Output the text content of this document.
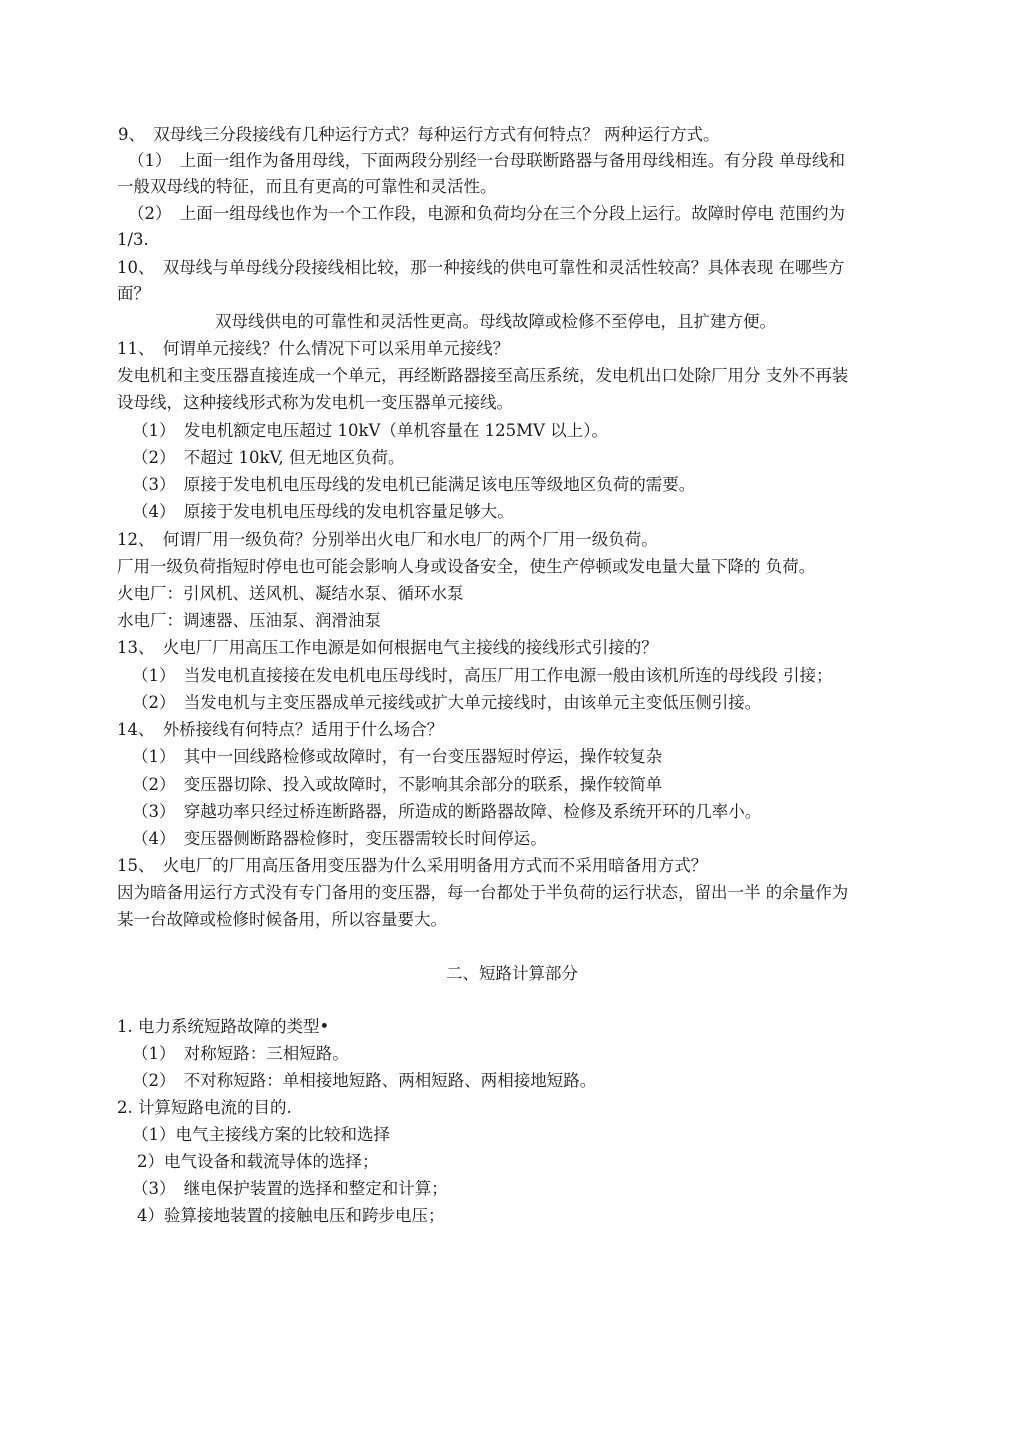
9、　双母线三分段接线有几种运行方式？每种运行方式有何特点？ 两种运行方式。
（1）　上面一组作为备用母线，下面两段分别经一台母联断路器与备用母线相连。有分段 单母线和
一般双母线的特征，而且有更高的可靠性和灵活性。
（2）　上面一组母线也作为一个工作段，电源和负荷均分在三个分段上运行。故障时停电 范围约为
1/3.
10、　双母线与单母线分段接线相比较，那一种接线的供电可靠性和灵活性较高？具体表现 在哪些方
面？
双母线供电的可靠性和灵活性更高。母线故障或检修不至停电，且扩建方便。
11、　何谓单元接线？什么情况下可以采用单元接线？
发电机和主变压器直接连成一个单元，再经断路器接至高压系统，发电机出口处除厂用分 支外不再装
设母线，这种接线形式称为发电机一变压器单元接线。
（1）　发电机额定电压超过 10kV（单机容量在 125MV 以上）。
（2）　不超过 10kV, 但无地区负荷。
（3）　原接于发电机电压母线的发电机已能满足该电压等级地区负荷的需要。
（4）　原接于发电机电压母线的发电机容量足够大。
12、　何谓厂用一级负荷？分别举出火电厂和水电厂的两个厂用一级负荷。
厂用一级负荷指短时停电也可能会影响人身或设备安全，使生产停顿或发电量大量下降的 负荷。
火电厂：引风机、送风机、凝结水泵、循环水泵
水电厂：调速器、压油泵、润滑油泵
13、　火电厂厂用高压工作电源是如何根据电气主接线的接线形式引接的？
（1）　当发电机直接接在发电机电压母线时，高压厂用工作电源一般由该机所连的母线段 引接；
（2）　当发电机与主变压器成单元接线或扩大单元接线时，由该单元主变低压侧引接。
14、　外桥接线有何特点？适用于什么场合？
（1）　其中一回线路检修或故障时，有一台变压器短时停运，操作较复杂
（2）　变压器切除、投入或故障时，不影响其余部分的联系，操作较简单
（3）　穿越功率只经过桥连断路器，所造成的断路器故障、检修及系统开环的几率小。
（4）　变压器侧断路器检修时，变压器需较长时间停运。
15、　火电厂的厂用高压备用变压器为什么采用明备用方式而不采用暗备用方式？
因为暗备用运行方式没有专门备用的变压器，每一台都处于半负荷的运行状态，留出一半 的余量作为
某一台故障或检修时候备用，所以容量要大。
二、短路计算部分
1. 电力系统短路故障的类型•
（1）　对称短路：三相短路。
（2）　不对称短路：单相接地短路、两相短路、两相接地短路。
2. 计算短路电流的目的.
（1）电气主接线方案的比较和选择
2）电气设备和载流导体的选择；
（3）　继电保护装置的选择和整定和计算；
4）验算接地装置的接触电压和跨步电压；
